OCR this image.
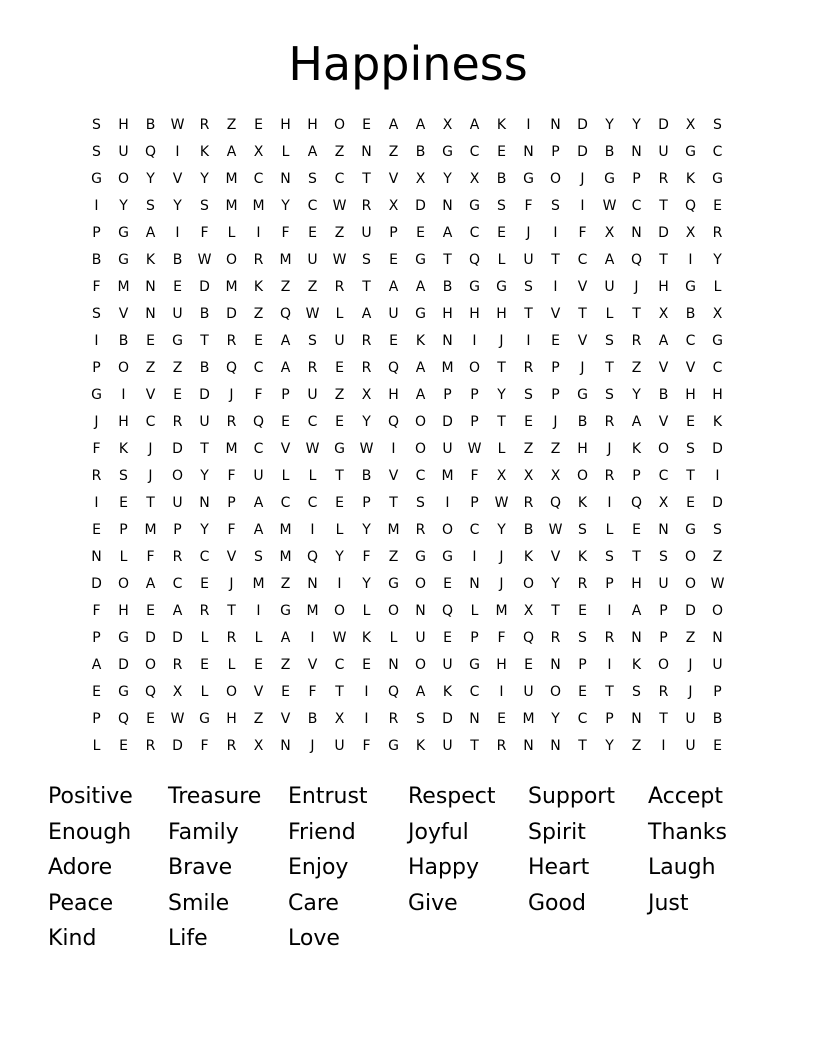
Happiness
S	H	B	W	R	Z	E	H	H	O	E	A	A	X	A	K	I	N	D	Y	Y	D	X	S
S	U	Q	I	K	A	X	L	A	Z	N	Z	B	G	C	E	N	P	D	B	N	U	G	C
G	O	Y	V	Y	M	C	N	S	C	T	V	X	Y	X	B	G	O	J	G	P	R	K	G
I	Y	S	Y	S	M	M	Y	C	W	R	X	D	N	G	S	F	S	I	W	C	T	Q	E
P	G	A	I	F	L	I	F	E	Z	U	P	E	A	C	E	J	I	F	X	N	D	X	R
B	G	K	B	W	O	R	M	U	W	S	E	G	T	Q	L	U	T	C	A	Q	T	I	Y
F	M	N	E	D	M	K	Z	Z	R	T	A	A	B	G	G	S	I	V	U	J	H	G	L
S	V	N	U	B	D	Z	Q	W	L	A	U	G	H	H	H	T	V	T	L	T	X	B	X
I	B	E	G	T	R	E	A	S	U	R	E	K	N	I	J	I	E	V	S	R	A	C	G
P	O	Z	Z	B	Q	C	A	R	E	R	Q	A	M	O	T	R	P	J	T	Z	V	V	C
G	I	V	E	D	J	F	P	U	Z	X	H	A	P	P	Y	S	P	G	S	Y	B	H	H
J	H	C	R	U	R	Q	E	C	E	Y	Q	O	D	P	T	E	J	B	R	A	V	E	K
F	K	J	D	T	M	C	V	W	G	W	I	O	U	W	L	Z	Z	H	J	K	O	S	D
R	S	J	O	Y	F	U	L	L	T	B	V	C	M	F	X	X	X	O	R	P	C	T	I
I	E	T	U	N	P	A	C	C	E	P	T	S	I	P	W	R	Q	K	I	Q	X	E	D
E	P	M	P	Y	F	A	M	I	L	Y	M	R	O	C	Y	B	W	S	L	E	N	G	S
N	L	F	R	C	V	S	M	Q	Y	F	Z	G	G	I	J	K	V	K	S	T	S	O	Z
D	O	A	C	E	J	M	Z	N	I	Y	G	O	E	N	J	O	Y	R	P	H	U	O	W
F	H	E	A	R	T	I	G	M	O	L	O	N	Q	L	M	X	T	E	I	A	P	D	O
P	G	D	D	L	R	L	A	I	W	K	L	U	E	P	F	Q	R	S	R	N	P	Z	N
A	D	O	R	E	L	E	Z	V	C	E	N	O	U	G	H	E	N	P	I	K	O	J	U
E	G	Q	X	L	O	V	E	F	T	I	Q	A	K	C	I	U	O	E	T	S	R	J	P
P	Q	E	W	G	H	Z	V	B	X	I	R	S	D	N	E	M	Y	C	P	N	T	U	B
L	E	R	D	F	R	X	N	J	U	F	G	K	U	T	R	N	N	T	Y	Z	I	U	E
Positive	Treasure	Entrust	Respect	Support	Accept
Enough	Family	Friend	Joyful	Spirit	Thanks
Adore	Brave	Enjoy	Happy	Heart	Laugh
Peace	Smile	Care	Give	Good	Just
Kind	Life	Love
